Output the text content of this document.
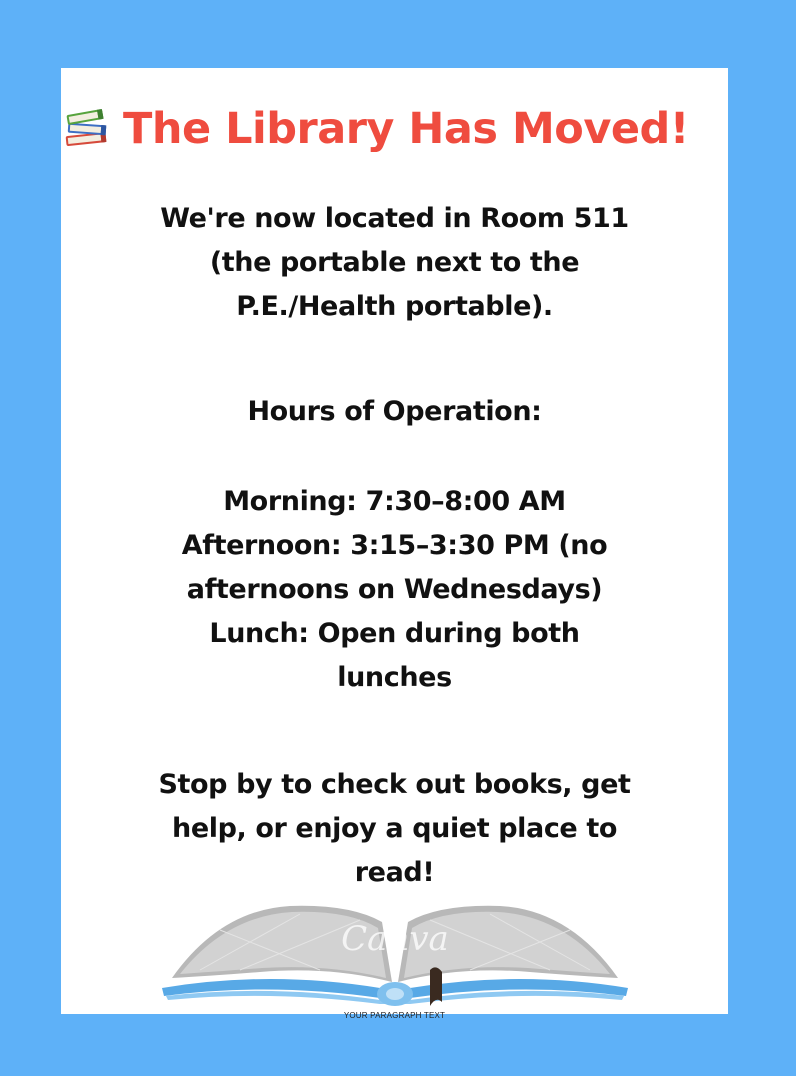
The Library Has Moved!
We're now located in Room 511
(the portable next to the
P.E./Health portable).
Hours of Operation:
Morning: 7:30–8:00 AM
Afternoon: 3:15–3:30 PM (no
afternoons on Wednesdays)
Lunch: Open during both
lunches
Stop by to check out books, get
help, or enjoy a quiet place to
read!
Canva
YOUR PARAGRAPH TEXT
